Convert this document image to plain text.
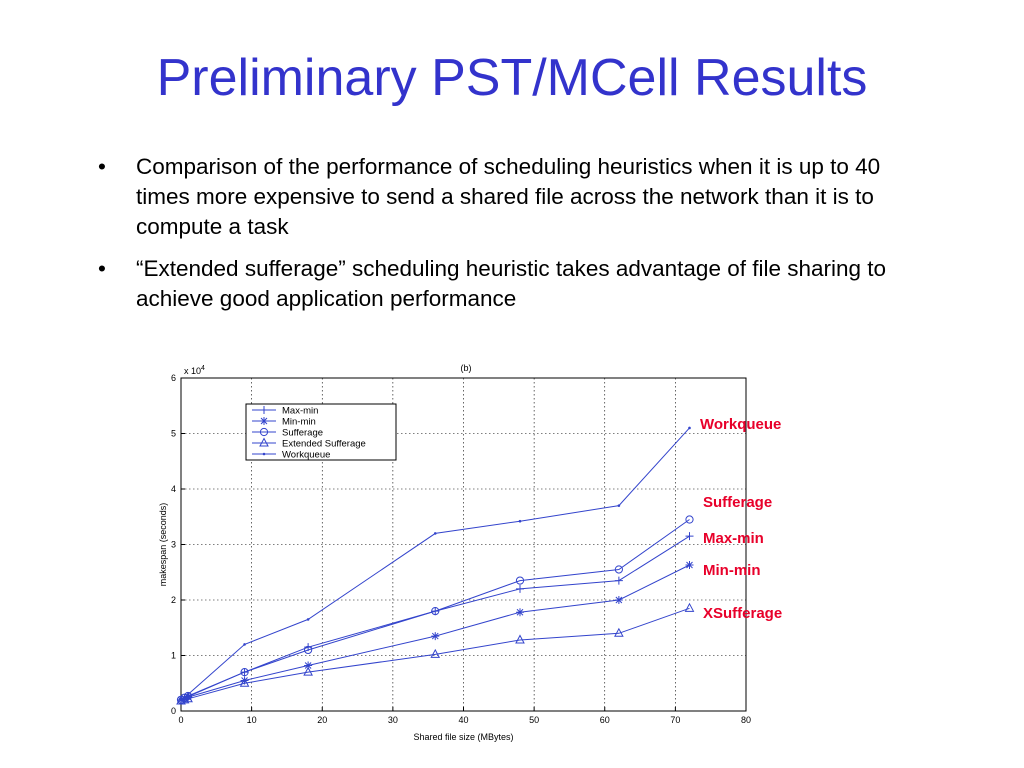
Preliminary PST/MCell Results
• Comparison of the performance of scheduling heuristics when it is up to 40 times more expensive to send a shared file across the network than it is to compute a task
• “Extended sufferage” scheduling heuristic takes advantage of file sharing to achieve good application performance
0	10	20	30	40	50	60	70	80
0
1
2
3
4
5
6
(b)
x $10^4$
Shared file size (MBytes)
makespan (seconds)
Max-min
Min-min
Sufferage
Extended Sufferage
Workqueue
Max-min
Min-min
Sufferage
XSufferage
Workqueue
